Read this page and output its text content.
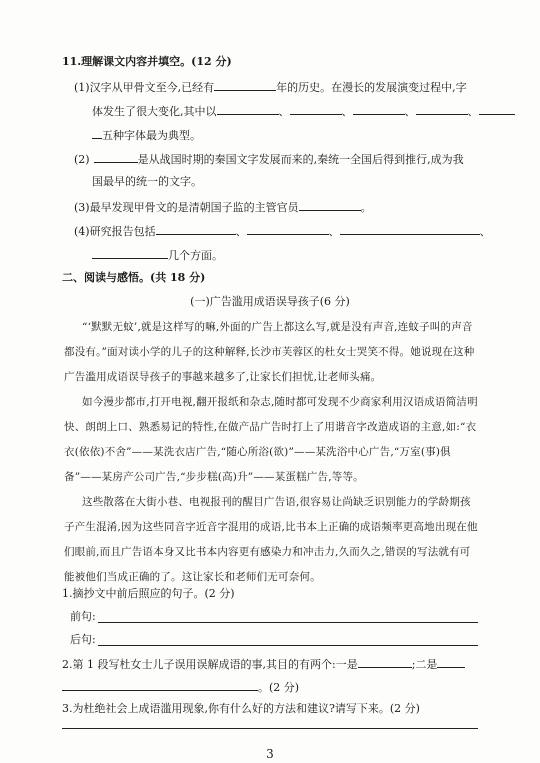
11.理解课文内容并填空。(12 分)
(1)汉字从甲骨文至今,已经有	年的历史。在漫长的发展演变过程中,字
体发生了很大变化,其中以	、	、	、	、
五种字体最为典型。
(2)	是从战国时期的秦国文字发展而来的,秦统一全国后得到推行,成为我
国最早的统一的文字。
(3)最早发现甲骨文的是清朝国子监的主管官员	。
(4)研究报告包括	、	、	、
几个方面。
二、阅读与感悟。(共 18 分)
(一)广告滥用成语误导孩子(6 分)
“‘默默无蚊’,就是这样写的嘛,外面的广告上都这么写,就是没有声音,连蚊子叫的声音都没有。”面对读小学的儿子的这种解释,长沙市芙蓉区的杜女士哭笑不得。她说现在这种广告滥用成语误导孩子的事越来越多了,让家长们担忧,让老师头痛。
如今漫步都市,打开电视,翻开报纸和杂志,随时都可发现不少商家利用汉语成语简洁明快、朗朗上口、熟悉易记的特性,在做产品广告时打上了用谐音字改造成语的主意,如:“衣衣(依依)不舍”——某洗衣店广告,“随心所浴(欲)”——某洗浴中心广告,“万室(事)俱备”——某房产公司广告,“步步糕(高)升”——某蛋糕广告,等等。
这些散落在大街小巷、电视报刊的醒目广告语,很容易让尚缺乏识别能力的学龄期孩子产生混淆,因为这些同音字近音字混用的成语,比书本上正确的成语频率更高地出现在他们眼前,而且广告语本身又比书本内容更有感染力和冲击力,久而久之,错误的写法就有可能被他们当成正确的了。这让家长和老师们无可奈何。
1.摘抄文中前后照应的句子。(2 分)
前句:
后句:
2.第 1 段写杜女士儿子误用误解成语的事,其目的有两个:一是	;二是
。(2 分)
3.为杜绝社会上成语滥用现象,你有什么好的方法和建议?请写下来。(2 分)
3
